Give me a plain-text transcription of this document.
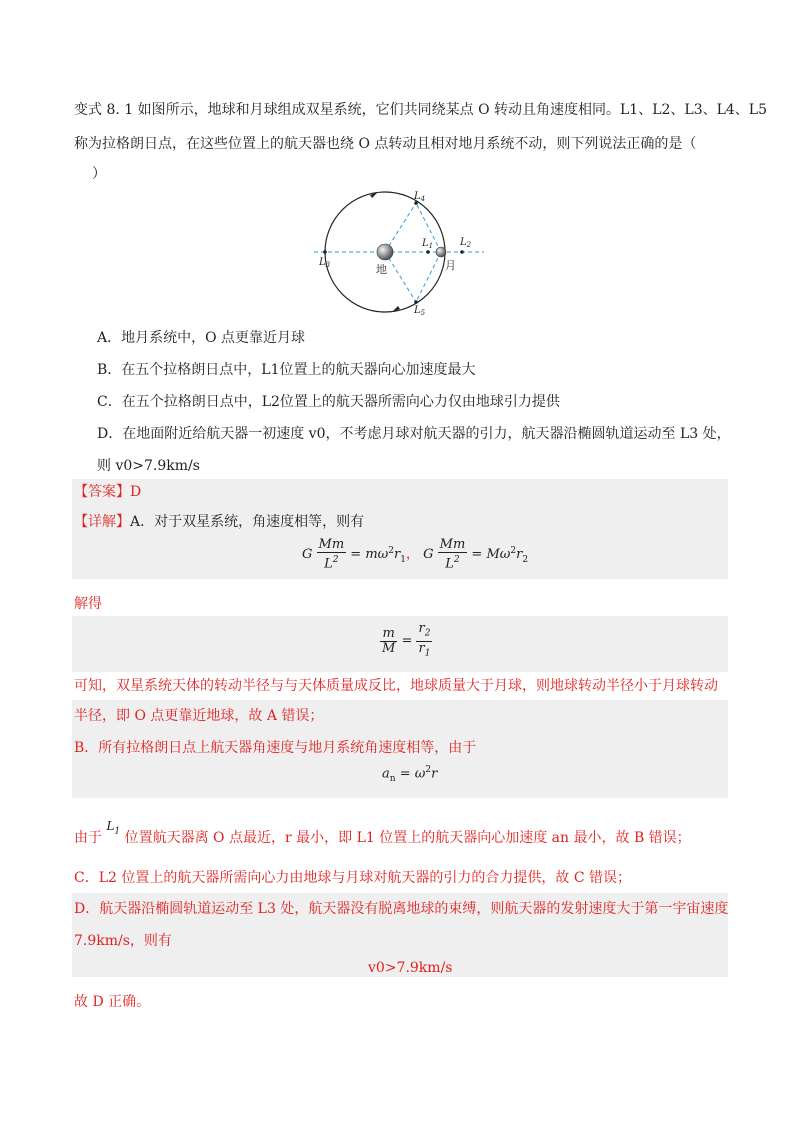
变式 8. 1 如图所示，地球和月球组成双星系统，它们共同绕某点 O 转动且角速度相同。L1、L2、L3、L4、L5
称为拉格朗日点，在这些位置上的航天器也绕 O 点转动且相对地月系统不动，则下列说法正确的是（
）
$L_4$
$L_1$	$L_2$
$L_3$
$L_5$
地	月
A．地月系统中，O 点更靠近月球
B．在五个拉格朗日点中，L1位置上的航天器向心加速度最大
C．在五个拉格朗日点中，L2位置上的航天器所需向心力仅由地球引力提供
D．在地面附近给航天器一初速度 v0，不考虑月球对航天器的引力，航天器沿椭圆轨道运动至 L3 处，
则 v0>7.9km/s
【答案】D
【详解】A．对于双星系统，角速度相等，则有
G $\frac{Mm}{L^2} = m\omega^2r_1$， G $\frac{Mm}{L^2} = M\omega^2r_2$
解得
$\frac{m}{M} = \frac{r_2}{r_1}$
可知，双星系统天体的转动半径与与天体质量成反比，地球质量大于月球，则地球转动半径小于月球转动
半径，即 O 点更靠近地球，故 A 错误；
B．所有拉格朗日点上航天器角速度与地月系统角速度相等，由于
$a_n = \omega^2r$
由于 $L_1$ 位置航天器离 O 点最近，r 最小，即 L1 位置上的航天器向心加速度 an 最小，故 B 错误；
C．L2 位置上的航天器所需向心力由地球与月球对航天器的引力的合力提供，故 C 错误；
D．航天器沿椭圆轨道运动至 L3 处，航天器没有脱离地球的束缚，则航天器的发射速度大于第一宇宙速度
7.9km/s，则有
v0>7.9km/s
故 D 正确。
